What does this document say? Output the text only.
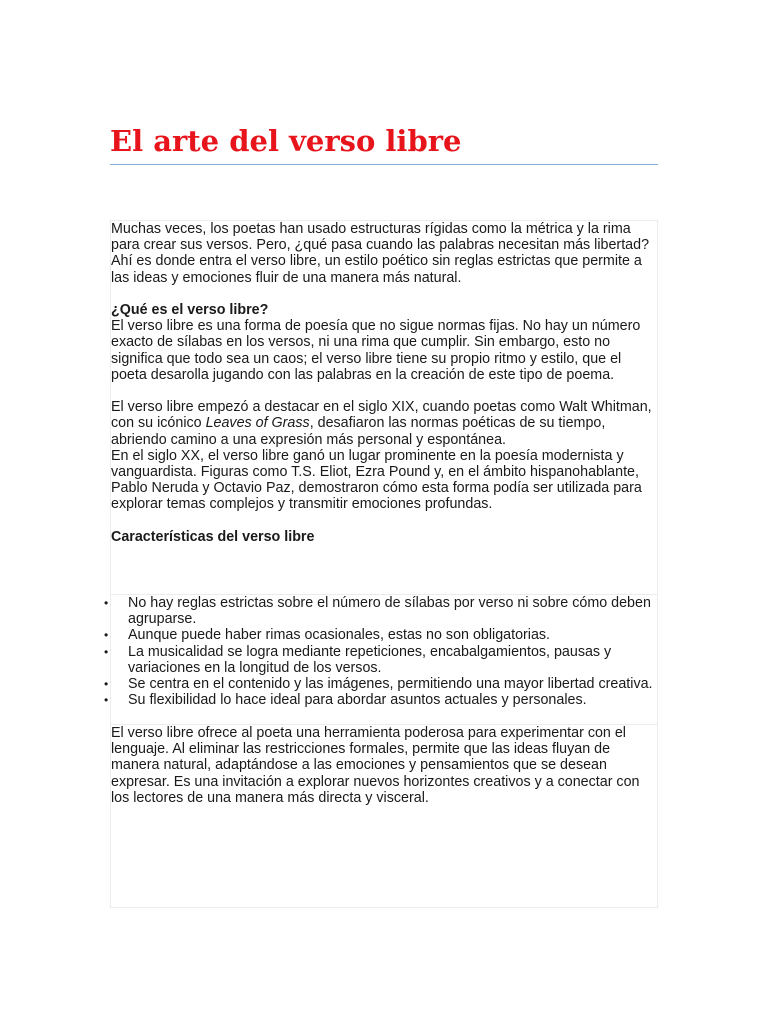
El arte del verso libre

Muchas veces, los poetas han usado estructuras rígidas como la métrica y la rima para crear sus versos. Pero, ¿qué pasa cuando las palabras necesitan más libertad? Ahí es donde entra el verso libre, un estilo poético sin reglas estrictas que permite a las ideas y emociones fluir de una manera más natural.

¿Qué es el verso libre?

El verso libre es una forma de poesía que no sigue normas fijas. No hay un número exacto de sílabas en los versos, ni una rima que cumplir. Sin embargo, esto no significa que todo sea un caos; el verso libre tiene su propio ritmo y estilo, que el poeta desarolla jugando con las palabras en la creación de este tipo de poema.

El verso libre empezó a destacar en el siglo XIX, cuando poetas como Walt Whitman, con su icónico Leaves of Grass, desafiaron las normas poéticas de su tiempo, abriendo camino a una expresión más personal y espontánea.

En el siglo XX, el verso libre ganó un lugar prominente en la poesía modernista y vanguardista. Figuras como T.S. Eliot, Ezra Pound y, en el ámbito hispanohablante, Pablo Neruda y Octavio Paz, demostraron cómo esta forma podía ser utilizada para explorar temas complejos y transmitir emociones profundas.

Características del verso libre

• No hay reglas estrictas sobre el número de sílabas por verso ni sobre cómo deben agruparse.
• Aunque puede haber rimas ocasionales, estas no son obligatorias.
• La musicalidad se logra mediante repeticiones, encabalgamientos, pausas y variaciones en la longitud de los versos.
• Se centra en el contenido y las imágenes, permitiendo una mayor libertad creativa.
• Su flexibilidad lo hace ideal para abordar asuntos actuales y personales.

El verso libre ofrece al poeta una herramienta poderosa para experimentar con el lenguaje. Al eliminar las restricciones formales, permite que las ideas fluyan de manera natural, adaptándose a las emociones y pensamientos que se desean expresar. Es una invitación a explorar nuevos horizontes creativos y a conectar con los lectores de una manera más directa y visceral.
